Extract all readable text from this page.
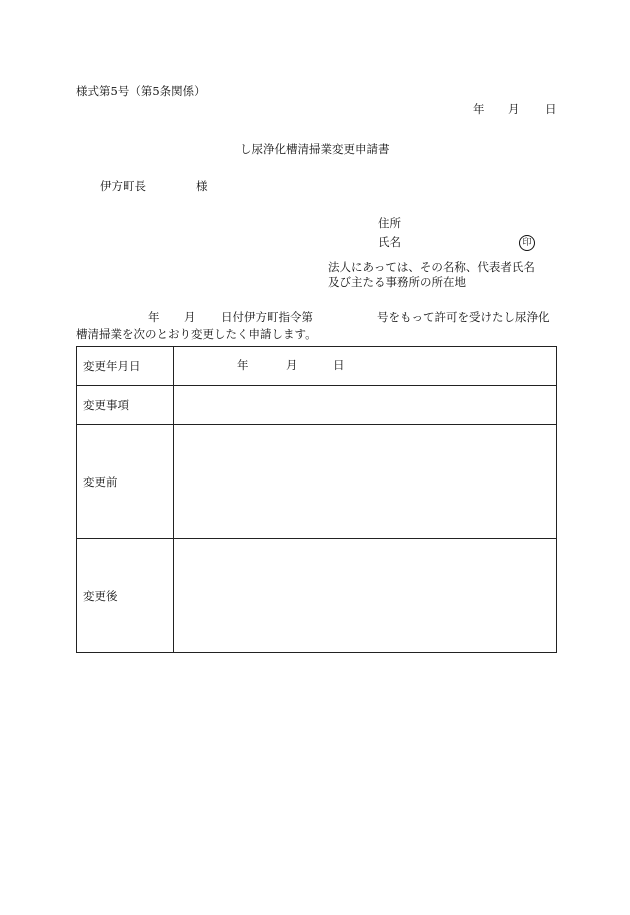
様式第5号（第5条関係）
年 月 日
し尿浄化槽清掃業変更申請書
伊方町長	様
住所
氏名	印
法人にあっては、その名称、代表者氏名
及び主たる事務所の所在地
年 月 日付伊方町指令第	号をもって許可を受けたし尿浄化
槽清掃業を次のとおり変更したく申請します。
変更年月日	年 月 日

変更事項	
変更前	
変更後	
